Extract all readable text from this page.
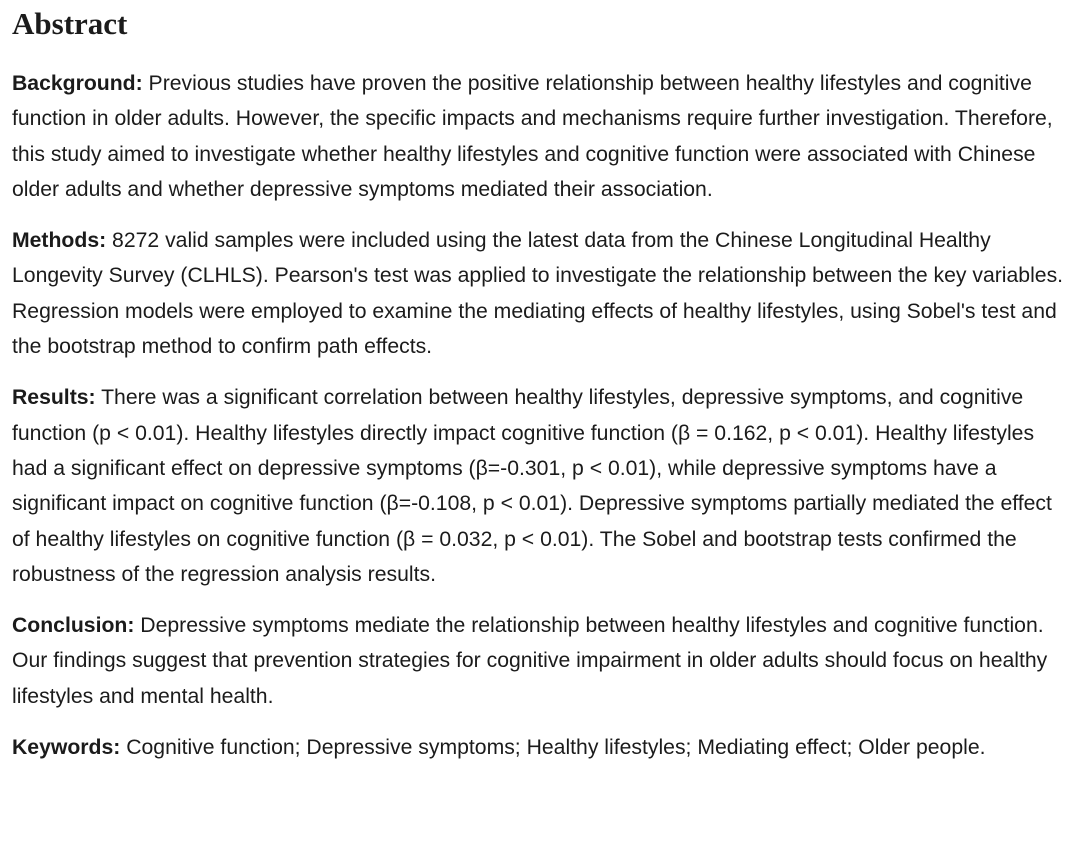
Abstract

Background: Previous studies have proven the positive relationship between healthy lifestyles and cognitive function in older adults. However, the specific impacts and mechanisms require further investigation. Therefore, this study aimed to investigate whether healthy lifestyles and cognitive function were associated with Chinese older adults and whether depressive symptoms mediated their association.

Methods: 8272 valid samples were included using the latest data from the Chinese Longitudinal Healthy Longevity Survey (CLHLS). Pearson's test was applied to investigate the relationship between the key variables. Regression models were employed to examine the mediating effects of healthy lifestyles, using Sobel's test and the bootstrap method to confirm path effects.

Results: There was a significant correlation between healthy lifestyles, depressive symptoms, and cognitive function (p < 0.01). Healthy lifestyles directly impact cognitive function (β = 0.162, p < 0.01). Healthy lifestyles had a significant effect on depressive symptoms (β=-0.301, p < 0.01), while depressive symptoms have a significant impact on cognitive function (β=-0.108, p < 0.01). Depressive symptoms partially mediated the effect of healthy lifestyles on cognitive function (β = 0.032, p < 0.01). The Sobel and bootstrap tests confirmed the robustness of the regression analysis results.

Conclusion: Depressive symptoms mediate the relationship between healthy lifestyles and cognitive function. Our findings suggest that prevention strategies for cognitive impairment in older adults should focus on healthy lifestyles and mental health.

Keywords: Cognitive function; Depressive symptoms; Healthy lifestyles; Mediating effect; Older people.
